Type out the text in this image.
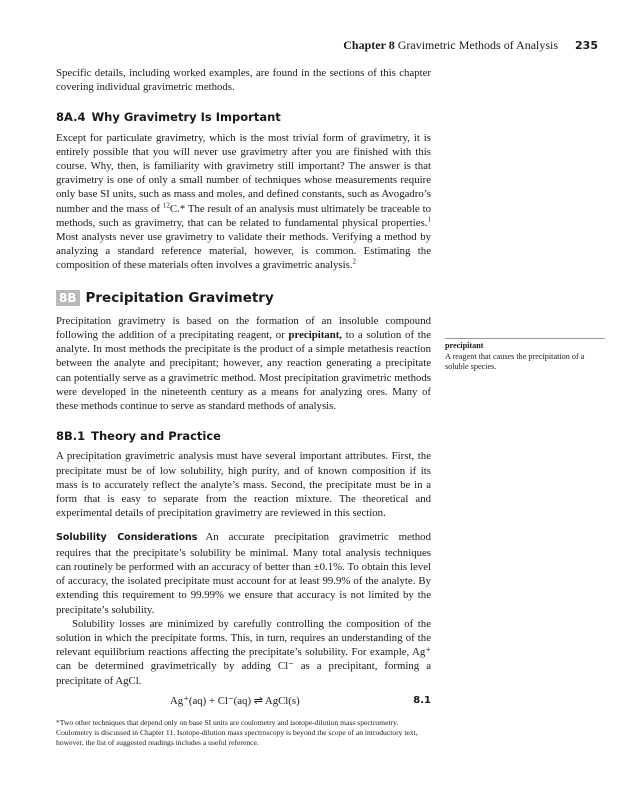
Chapter 8 Gravimetric Methods of Analysis 235

Specific details, including worked examples, are found in the sections of this chapter covering individual gravimetric methods.

8A.4 Why Gravimetry Is Important

Except for particulate gravimetry, which is the most trivial form of gravimetry, it is entirely possible that you will never use gravimetry after you are finished with this course. Why, then, is familiarity with gravimetry still important? The answer is that gravimetry is one of only a small number of techniques whose measurements require only base SI units, such as mass and moles, and defined constants, such as Avogadro’s number and the mass of $^{12}$C.* The result of an analysis must ultimately be traceable to methods, such as gravimetry, that can be related to fundamental physical properties.$^1$ Most analysts never use gravimetry to validate their methods. Verifying a method by analyzing a standard reference material, however, is common. Estimating the composition of these materials often involves a gravimetric analysis.$^2$

8B Precipitation Gravimetry

Precipitation gravimetry is based on the formation of an insoluble compound following the addition of a precipitating reagent, or precipitant, to a solution of the analyte. In most methods the precipitate is the product of a simple metathesis reaction between the analyte and precipitant; however, any reaction generating a precipitate can potentially serve as a gravimetric method. Most precipitation gravimetric methods were developed in the nineteenth century as a means for analyzing ores. Many of these methods continue to serve as standard methods of analysis.

8B.1 Theory and Practice

A precipitation gravimetric analysis must have several important attributes. First, the precipitate must be of low solubility, high purity, and of known composition if its mass is to accurately reflect the analyte’s mass. Second, the precipitate must be in a form that is easy to separate from the reaction mixture. The theoretical and experimental details of precipitation gravimetry are reviewed in this section.

Solubility Considerations An accurate precipitation gravimetric method requires that the precipitate’s solubility be minimal. Many total analysis techniques can routinely be performed with an accuracy of better than ±0.1%. To obtain this level of accuracy, the isolated precipitate must account for at least 99.9% of the analyte. By extending this requirement to 99.99% we ensure that accuracy is not limited by the precipitate’s solubility.

Solubility losses are minimized by carefully controlling the composition of the solution in which the precipitate forms. This, in turn, requires an understanding of the relevant equilibrium reactions affecting the precipitate’s solubility. For example, Ag⁺ can be determined gravimetrically by adding Cl⁻ as a precipitant, forming a precipitate of AgCl.

Ag⁺(aq) + Cl⁻(aq) ⇌ AgCl(s)	8.1
precipitant
A reagent that causes the precipitation of a soluble species.

*Two other techniques that depend only on base SI units are coulometry and isotope-dilution mass spectrometry.

Coulometry is discussed in Chapter 11. Isotope-dilution mass spectroscopy is beyond the scope of an introductory text, however, the list of suggested readings includes a useful reference.
